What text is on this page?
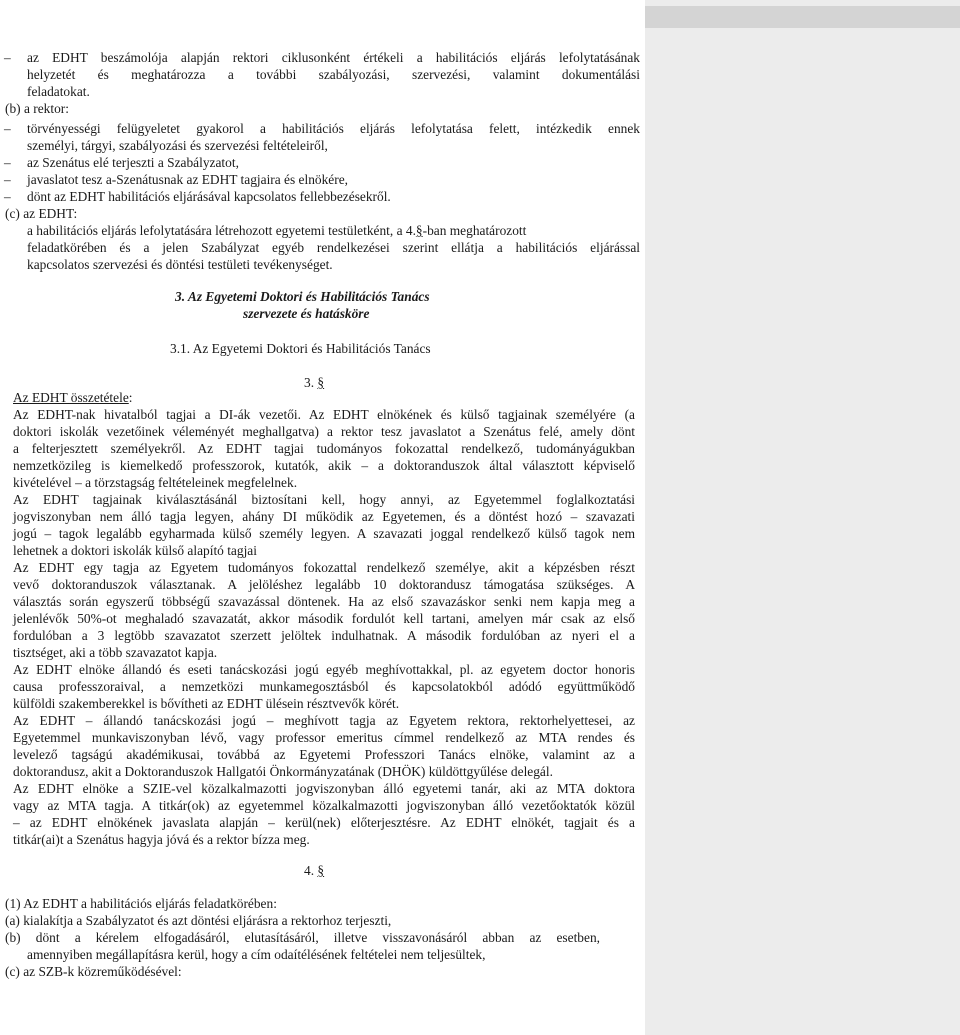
– az EDHT beszámolója alapján rektori ciklusonként értékeli a habilitációs eljárás lefolytatásának
helyzetét és meghatározza a további szabályozási, szervezési, valamint dokumentálási
feladatokat.
(b) a rektor:
– törvényességi felügyeletet gyakorol a habilitációs eljárás lefolytatása felett, intézkedik ennek
személyi, tárgyi, szabályozási és szervezési feltételeiről,
– az Szenátus elé terjeszti a Szabályzatot,
– javaslatot tesz a-Szenátusnak az EDHT tagjaira és elnökére,
– dönt az EDHT habilitációs eljárásával kapcsolatos fellebbezésekről.
(c) az EDHT:
a habilitációs eljárás lefolytatására létrehozott egyetemi testületként, a 4.§-ban meghatározott
feladatkörében és a jelen Szabályzat egyéb rendelkezései szerint ellátja a habilitációs eljárással
kapcsolatos szervezési és döntési testületi tevékenységet.
3. Az Egyetemi Doktori és Habilitációs Tanács
szervezete és hatásköre
3.1. Az Egyetemi Doktori és Habilitációs Tanács
3. §
Az EDHT összetétele:
Az EDHT-nak hivatalból tagjai a DI-ák vezetői. Az EDHT elnökének és külső tagjainak személyére (a
doktori iskolák vezetőinek véleményét meghallgatva) a rektor tesz javaslatot a Szenátus felé, amely dönt
a felterjesztett személyekről. Az EDHT tagjai tudományos fokozattal rendelkező, tudományágukban
nemzetközileg is kiemelkedő professzorok, kutatók, akik – a doktoranduszok által választott képviselő
kivételével – a törzstagság feltételeinek megfelelnek.
Az EDHT tagjainak kiválasztásánál biztosítani kell, hogy annyi, az Egyetemmel foglalkoztatási
jogviszonyban nem álló tagja legyen, ahány DI működik az Egyetemen, és a döntést hozó – szavazati
jogú – tagok legalább egyharmada külső személy legyen. A szavazati joggal rendelkező külső tagok nem
lehetnek a doktori iskolák külső alapító tagjai
Az EDHT egy tagja az Egyetem tudományos fokozattal rendelkező személye, akit a képzésben részt
vevő doktoranduszok választanak. A jelöléshez legalább 10 doktorandusz támogatása szükséges. A
választás során egyszerű többségű szavazással döntenek. Ha az első szavazáskor senki nem kapja meg a
jelenlévők 50%-ot meghaladó szavazatát, akkor második fordulót kell tartani, amelyen már csak az első
fordulóban a 3 legtöbb szavazatot szerzett jelöltek indulhatnak. A második fordulóban az nyeri el a
tisztséget, aki a több szavazatot kapja.
Az EDHT elnöke állandó és eseti tanácskozási jogú egyéb meghívottakkal, pl. az egyetem doctor honoris
causa professzoraival, a nemzetközi munkamegosztásból és kapcsolatokból adódó együttműködő
külföldi szakemberekkel is bővítheti az EDHT ülésein résztvevők körét.
Az EDHT – állandó tanácskozási jogú – meghívott tagja az Egyetem rektora, rektorhelyettesei, az
Egyetemmel munkaviszonyban lévő, vagy professor emeritus címmel rendelkező az MTA rendes és
levelező tagságú akadémikusai, továbbá az Egyetemi Professzori Tanács elnöke, valamint az a
doktorandusz, akit a Doktoranduszok Hallgatói Önkormányzatának (DHÖK) küldöttgyűlése delegál.
Az EDHT elnöke a SZIE-vel közalkalmazotti jogviszonyban álló egyetemi tanár, aki az MTA doktora
vagy az MTA tagja. A titkár(ok) az egyetemmel közalkalmazotti jogviszonyban álló vezetőoktatók közül
– az EDHT elnökének javaslata alapján – kerül(nek) előterjesztésre. Az EDHT elnökét, tagjait és a
titkár(ai)t a Szenátus hagyja jóvá és a rektor bízza meg.
4. §
(1) Az EDHT a habilitációs eljárás feladatkörében:
(a) kialakítja a Szabályzatot és azt döntési eljárásra a rektorhoz terjeszti,
(b) dönt a kérelem elfogadásáról, elutasításáról, illetve visszavonásáról abban az esetben,
amennyiben megállapításra kerül, hogy a cím odaítélésének feltételei nem teljesültek,
(c) az SZB-k közreműködésével:
